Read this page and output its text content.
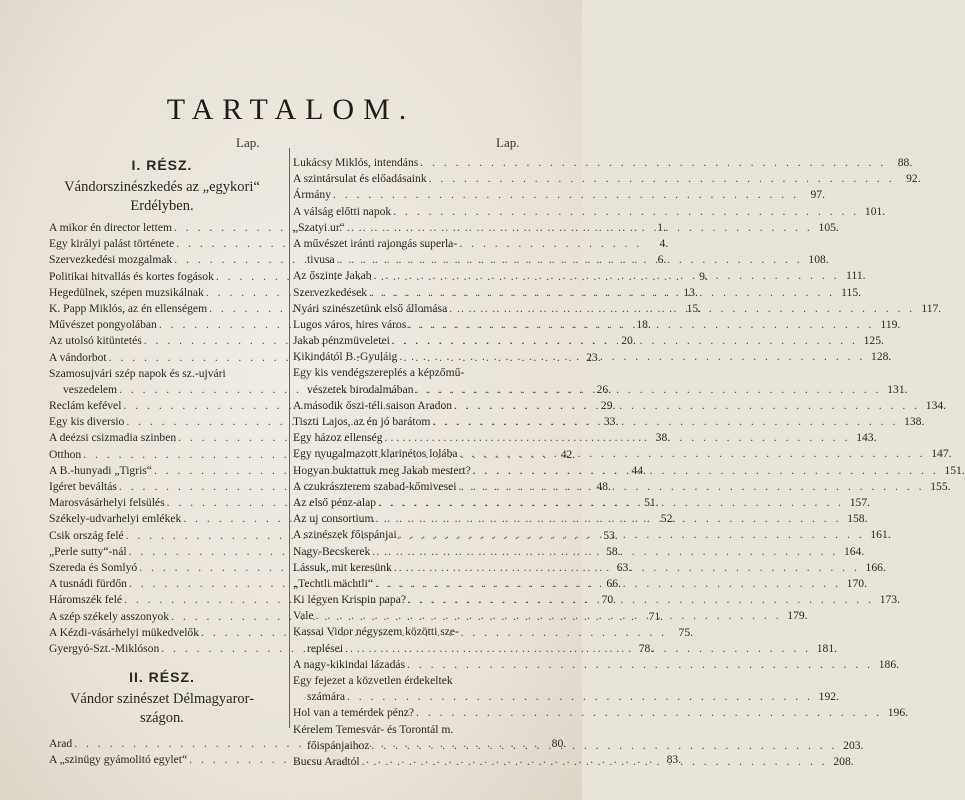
TARTALOM.
Lap.	Lap.
I. RÉSZ.
Vándorszinészkedés az „egykori“
Erdélyben.
A mikor én director lettem . . .	1.
Egy királyi palást története . . .	4.
Szervezkedési mozgalmak . . .	6.
Politikai hitvallás és kortes fogások . . .	9.
Hegedülnek, szépen muzsikálnak . . .	13.
K. Papp Miklós, az én ellenségem . . .	15.
Művészet pongyolában . . .	18.
Az utolsó kitüntetés . . .	20.
A vándorbot . . .	23.
Szamosujvári szép napok és sz.-ujvári
veszedelem . . .	26.
Reclám kefével . . .	29.
Egy kis diversio . . .	33.
A deézsi csizmadia szinben . . .	38.
Otthon . . .	42.
A B.-hunyadi „Tigris“ . . .	44.
Igéret beváltás . . .	48.
Marosvásárhelyi felsülés . . .	51.
Székely-udvarhelyi emlékek . . .	52.
Csik ország felé . . .	53.
„Perle sutty“-nál . . .	58.
Szereda és Somlyó . . .	63.
A tusnádi fürdőn . . .	66.
Háromszék felé . . .	70.
A szép székely asszonyok . . .	71.
A Kézdi-vásárhelyi mükedvelők . . .	75.
Gyergyó-Szt.-Miklóson . . .	78.
II. RÉSZ.
Vándor szinészet Délmagyaror-
szágon.
Arad . . .	80.
A „szinügy gyámolitó egylet“ . . .	83.
Lukácsy Miklós, intendáns . . .	88.
A szintársulat és előadásaink . . .	92.
Ármány . . .	97.
A válság előtti napok . . .	101.
„Szatyi ur“ . . .	105.
A művészet iránti rajongás superla-
tivusa . . .	108.
Az őszinte Jakab . . .	111.
Szervezkedések . . .	115.
Nyári szinészetünk első állomása . . .	117.
Lugos város, hires város . . .	119.
Jakab pénzmüveletei . . .	125.
Kikindától B.-Gyuláig . . .	128.
Egy kis vendégszereplés a képzőmű-
vészetek birodalmában . . .	131.
A második őszi-téli saison Aradon . . .	134.
Tiszti Lajos, az én jó barátom . . .	138.
Egy házoz ellenség . . .	143.
Egy nyugalmazott klarinétos lolába . . .	147.
Hogyan buktattuk meg Jakab mestert? . . .	151.
A czukrászterem szabad-kőmivesei . . .	155.
Az első pénz-alap . . .	157.
Az uj consortium . . .	158.
A szinészek főispánjai . . .	161.
Nagy-Becskerek . . .	164.
Lássuk, mit keresünk . . .	166.
„Techtli mächtli“ . . .	170.
Ki légyen Krispin papa? . . .	173.
Vale . . .	179.
Kassai Vidor négyszem közötti sze-
replései . . .	181.
A nagy-kikindai lázadás . . .	186.
Egy fejezet a közvetlen érdekeltek
számára . . .	192.
Hol van a temérdek pénz? . . .	196.
Kérelem Temesvár- és Torontál m.
főispánjaihoz . . .	203.
Bucsu Aradtól . . .	208.
